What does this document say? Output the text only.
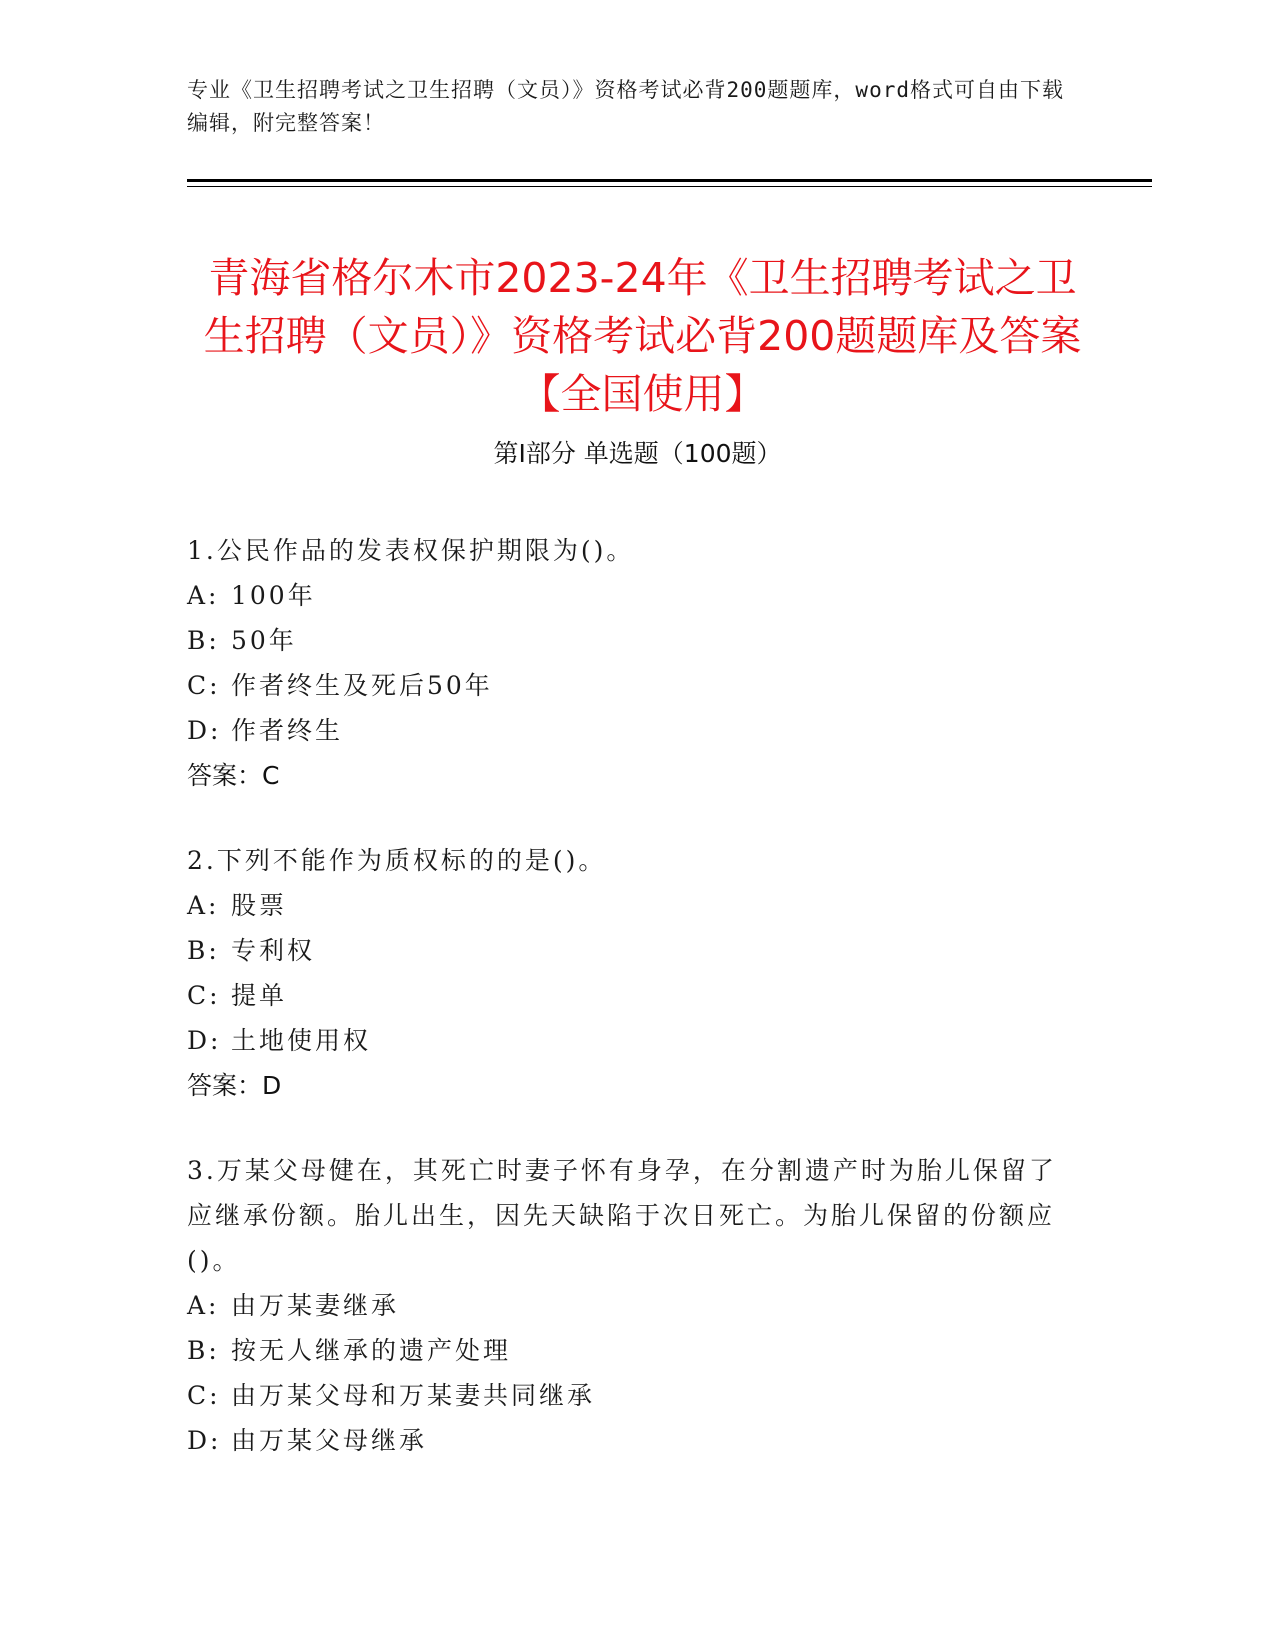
专业《卫生招聘考试之卫生招聘（文员）》资格考试必背200题题库，word格式可自由下载编辑，附完整答案！
青海省格尔木市2023-24年《卫生招聘考试之卫生招聘（文员）》资格考试必背200题题库及答案【全国使用】
第I部分 单选题（100题）

1.公民作品的发表权保护期限为()。

A: 100年

B: 50年

C: 作者终生及死后50年

D: 作者终生

答案：C

2.下列不能作为质权标的的是()。

A: 股票

B: 专利权

C: 提单

D: 土地使用权

答案：D

3.万某父母健在，其死亡时妻子怀有身孕，在分割遗产时为胎儿保留了应继承份额。胎儿出生，因先天缺陷于次日死亡。为胎儿保留的份额应()。

A: 由万某妻继承

B: 按无人继承的遗产处理

C: 由万某父母和万某妻共同继承

D: 由万某父母继承
